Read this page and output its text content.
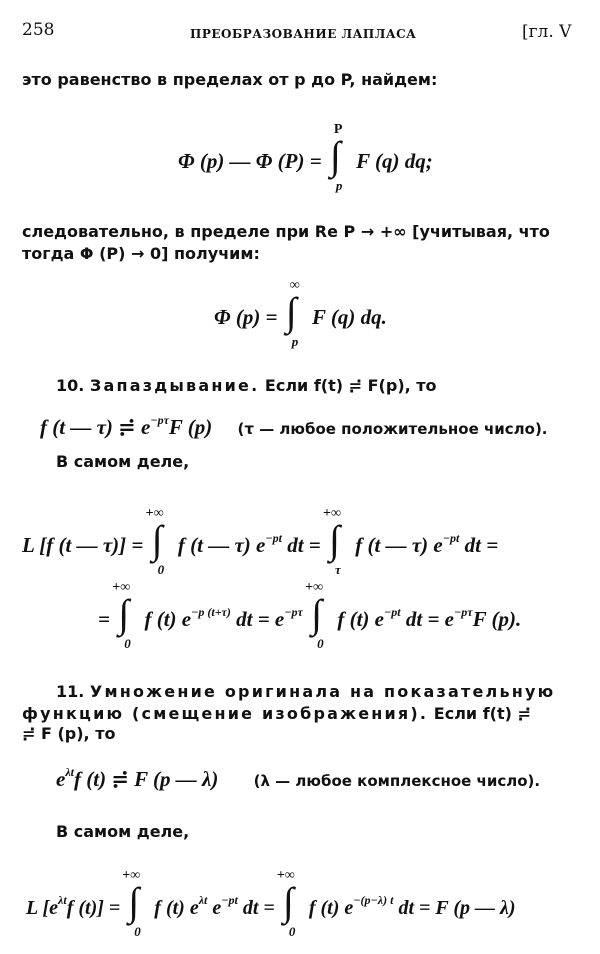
258	ПРЕОБРАЗОВАНИЕ ЛАПЛАСА	[гл. V
это равенство в пределах от p до P, найдем:
Φ (p) — Φ (P) = ∫
P
p
F (q) dq;
следовательно, в пределе при Re P → +∞ [учитывая, что
тогда Φ (P) → 0] получим:
Φ (p) = ∫
∞
p
F (q) dq.
10. Запаздывание. Если f(t) ≓ F(p), то
f (t — τ) ≓ $e^{-p\tau}F$ (p) (τ — любое положительное число).
В самом деле,
L [f (t — τ)] = ∫
+∞
0
f (t — τ) $e^{-pt}$ dt = ∫
+∞
τ
f (t — τ) $e^{-pt}$ dt =
= ∫
+∞
0
f (t) $e^{-p (t+\tau)}$ dt = $e^{-p\tau}$ ∫
+∞
0
f (t) $e^{-pt}$ dt = $e^{-p\tau}F$ (p).
11. Умножение оригинала на показательную
функцию (смещение изображения). Если f(t) ≓
≓ F (p), то
$e^{\lambda t}f$ (t) ≓ F (p — λ) (λ — любое комплексное число).
В самом деле,
L [$e^{\lambda t}f$ (t)] = ∫
+∞
0
f (t) $e^{\lambda t}$ $e^{-pt}$ dt = ∫
+∞
0
f (t) $e^{-(p-\lambda) t}$ dt = F (p — λ)
